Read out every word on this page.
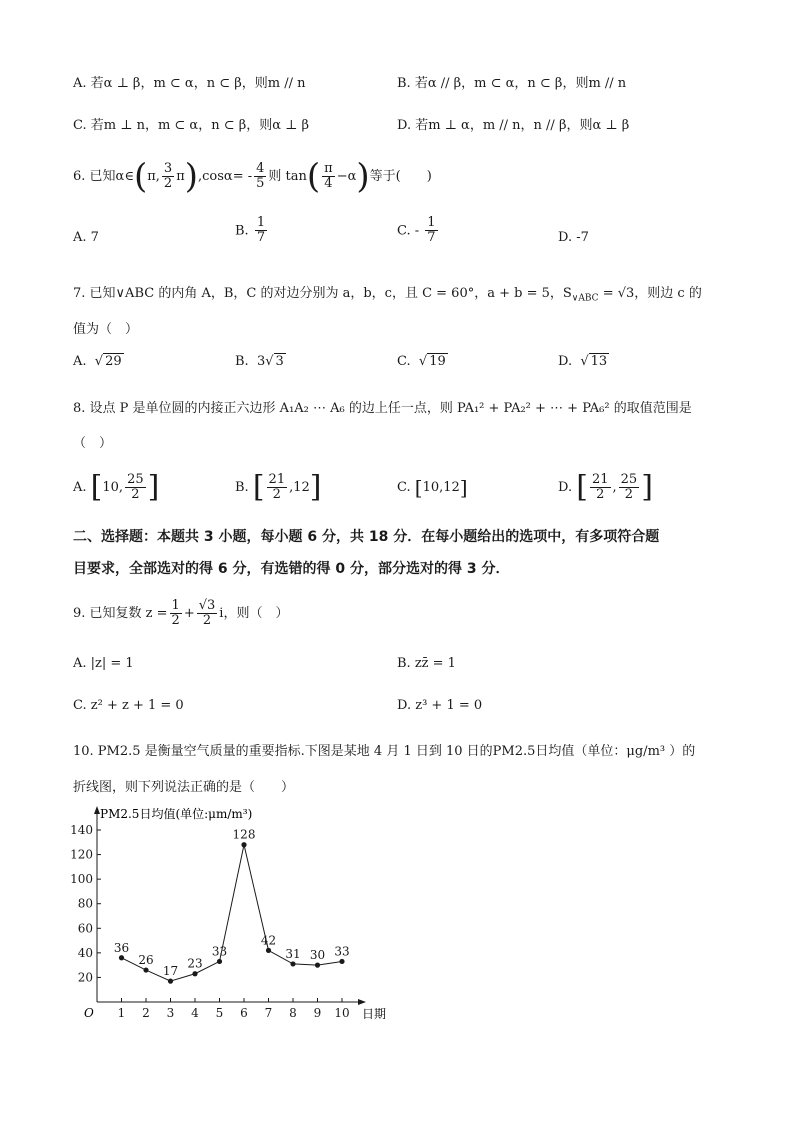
A. 若α ⊥ β，m ⊂ α，n ⊂ β，则m // n	B. 若α // β，m ⊂ α，n ⊂ β，则m // n
C. 若m ⊥ n，m ⊂ α，n ⊂ β，则α ⊥ β	D. 若m ⊥ α，m // n，n // β，则α ⊥ β
6. 已知α∈(π, $\frac{3}{2} \pi),\cos\alpha= - \frac{4}{5}$ 则 $\tan( \frac{\pi}{4} -\alpha)$等于(　　)
A. 7	B. $\frac{1}{7}$	C. - $\frac{1}{7}$	D. -7
7. 已知∨ABC 的内角 A，B，C 的对边分别为 a，b，c，且 C = 60°，a + b = 5，$S_{\vee ABC} = √3$，则边 c 的
值为（　）
A.  √ 29	B. 3√ 3	C.  √ 19	D.  √ 13
8. 设点 P 是单位圆的内接正六边形 A₁A₂ ⋯ A₆ 的边上任一点，则 PA₁² + PA₂² + ⋯ + PA₆² 的取值范围是
（　）
A. [10, $\frac{25}{2}$ ]	B. [ $\frac{21}{2} ,12$]	C. [10,12]	D. [ $\frac{21}{2}$ , $\frac{25}{2}$ ]
二、选择题：本题共 3 小题，每小题 6 分，共 18 分．在每小题给出的选项中，有多项符合题
目要求，全部选对的得 6 分，有选错的得 0 分，部分选对的得 3 分．
9. 已知复数 $z = \frac{1}{2} + \frac{√3}{2}$ i，则（　）
A. |z| = 1	B. zz̄ = 1
C. z² + z + 1 = 0	D. z³ + 1 = 0
10. PM2.5 是衡量空气质量的重要指标.下图是某地 4 月 1 日到 10 日的PM2.5日均值（单位：μg/m³ ）的
折线图，则下列说法正确的是（　　）
20
40
60
80
100
120
140
1 2 3 4 5 6 7 8 9 10
36
26
17
23
33
128
42
31 30 33
PM2.5日均值(单位:μm/m³)
日期
O
